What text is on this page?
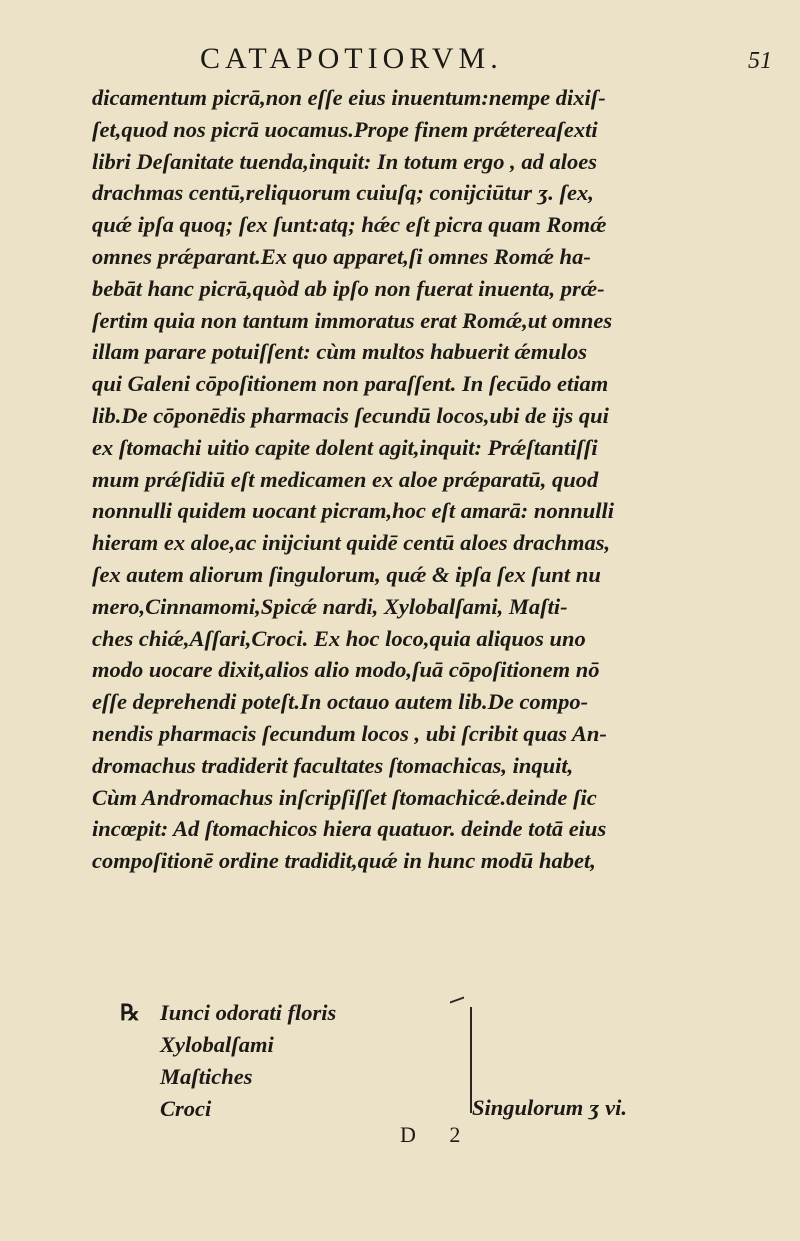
CATAPOTIORVM.	51
dicamentum picrā,non eſſe eius inuentum:nempe dixiſ-
ſet,quod nos picrā uocamus.Prope finem prǽtereaſexti
libri Deſanitate tuenda,inquit: In totum ergo , ad aloes
drachmas centū,reliquorum cuiuſq; conijciūtur ʒ. ſex,
quǽ ipſa quoq; ſex ſunt:atq; hǽc eſt picra quam Romǽ
omnes prǽparant.Ex quo apparet,ſi omnes Romǽ ha-
bebāt hanc picrā,quòd ab ipſo non fuerat inuenta, prǽ-
ſertim quia non tantum immoratus erat Romǽ,ut omnes
illam parare potuiſſent: cùm multos habuerit ǽmulos
qui Galeni cōpoſitionem non paraſſent. In ſecūdo etiam
lib.De cōponēdis pharmacis ſecundū locos,ubi de ijs qui
ex ſtomachi uitio capite dolent agit,inquit: Prǽſtantiſſi
mum prǽſidiū eſt medicamen ex aloe prǽparatū, quod
nonnulli quidem uocant picram,hoc eſt amarā: nonnulli
hieram ex aloe,ac inijciunt quidē centū aloes drachmas,
ſex autem aliorum ſingulorum, quǽ & ipſa ſex ſunt nu
mero,Cinnamomi,Spicǽ nardi, Xylobalſami, Maſti-
ches chiǽ,Aſſari,Croci. Ex hoc loco,quia aliquos uno
modo uocare dixit,alios alio modo,ſuā cōpoſitionem nō
eſſe deprehendi poteſt.In octauo autem lib.De compo-
nendis pharmacis ſecundum locos , ubi ſcribit quas An-
dromachus tradiderit facultates ſtomachicas, inquit,
Cùm Andromachus inſcripſiſſet ſtomachicǽ.deinde ſic
incœpit: Ad ſtomachicos hiera quatuor. deinde totā eius
compoſitionē ordine tradidit,quǽ in hunc modū habet,
℞ Iunci odorati floris
Xylobalſami
Maſtiches
Croci	Singulorum ʒ vi.
D 2
